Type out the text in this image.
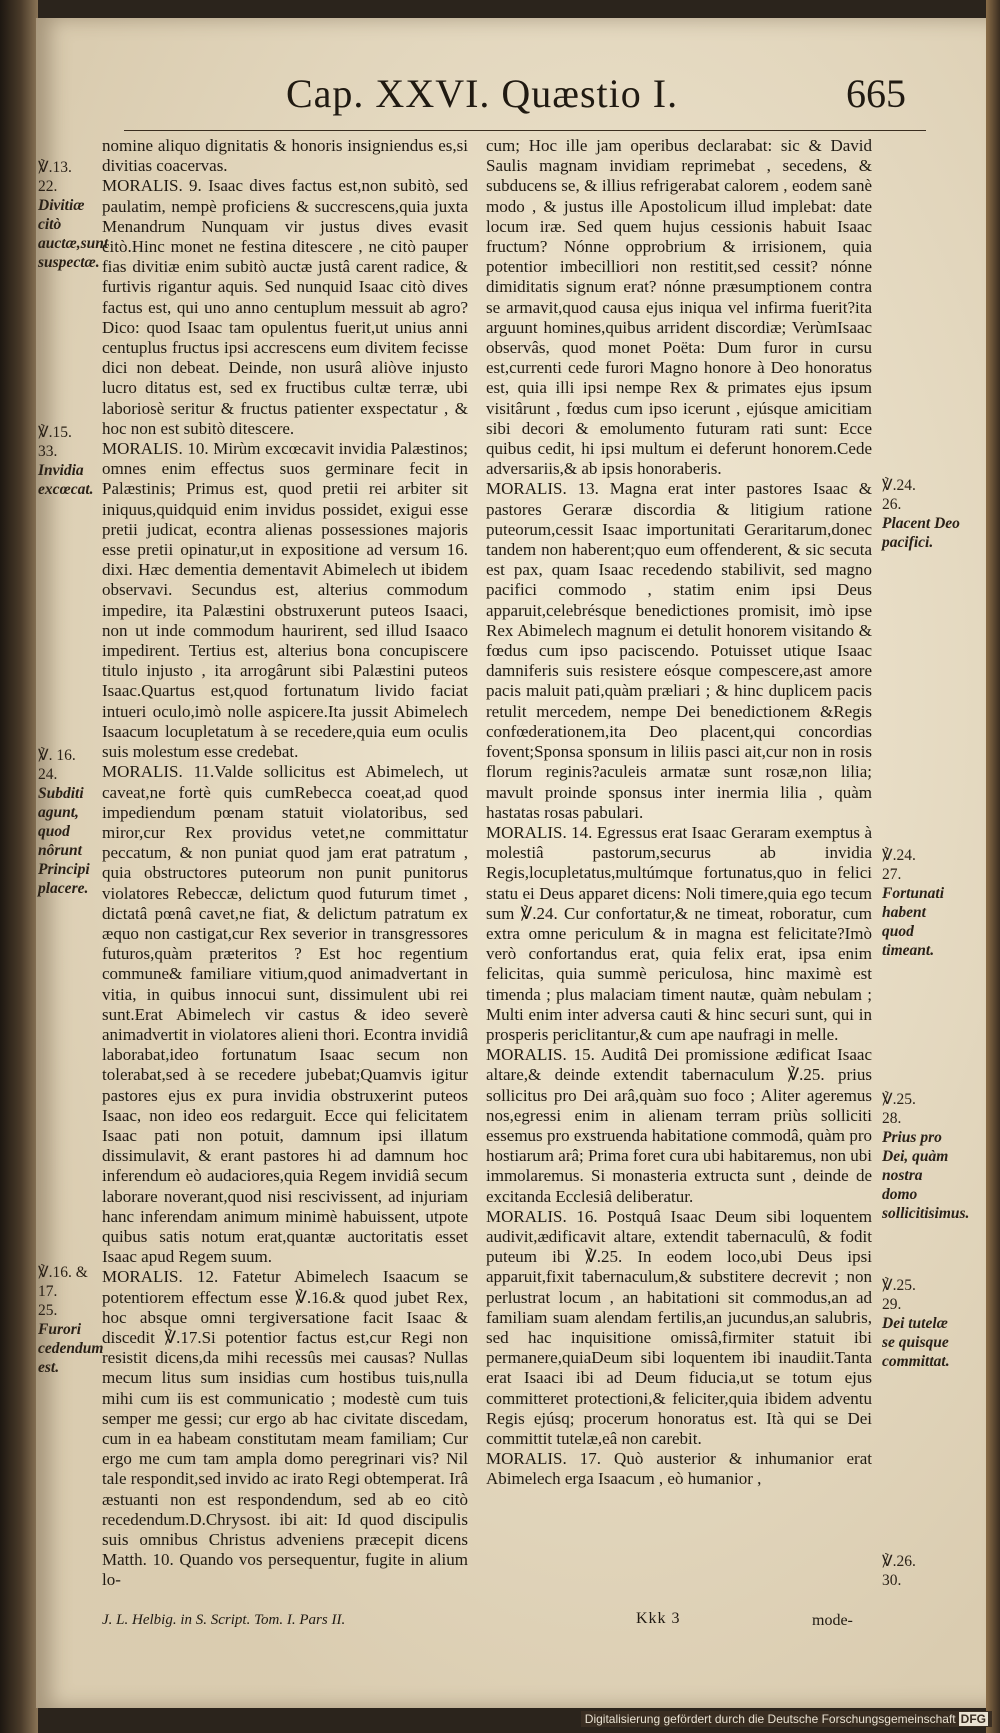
Cap. XXVI. Quæstio I.	665

nomine aliquo dignitatis & honoris insigniendus es,si divitias coacervas.

MORALIS. 9. Isaac dives factus est,non subitò, sed paulatim, nempè proficiens & succrescens,quia juxta Menandrum Nunquam vir justus dives evasit citò.Hinc monet ne festina ditescere , ne citò pauper fias divitiæ enim subitò auctæ justâ carent radice, & furtivis rigantur aquis. Sed nunquid Isaac citò dives factus est, qui uno anno centuplum messuit ab agro? Dico: quod Isaac tam opulentus fuerit,ut unius anni centuplus fructus ipsi accrescens eum divitem fecisse dici non debeat. Deinde, non usurâ aliòve injusto lucro ditatus est, sed ex fructibus cultæ terræ, ubi laboriosè seritur & fructus patienter exspectatur , & hoc non est subitò ditescere.

MORALIS. 10. Mirùm excœcavit invidia Palæstinos; omnes enim effectus suos germinare fecit in Palæstinis; Primus est, quod pretii rei arbiter sit iniquus,quidquid enim invidus possidet, exigui esse pretii judicat, econtra alienas possessiones majoris esse pretii opinatur,ut in expositione ad versum 16. dixi. Hæc dementia dementavit Abimelech ut ibidem observavi. Secundus est, alterius commodum impedire, ita Palæstini obstruxerunt puteos Isaaci, non ut inde commodum haurirent, sed illud Isaaco impedirent. Tertius est, alterius bona concupiscere titulo injusto , ita arrogârunt sibi Palæstini puteos Isaac.Quartus est,quod fortunatum livido faciat intueri oculo,imò nolle aspicere.Ita jussit Abimelech Isaacum locupletatum à se recedere,quia eum oculis suis molestum esse credebat.

MORALIS. 11.Valde sollicitus est Abimelech, ut caveat,ne fortè quis cumRebecca coeat,ad quod impediendum pœnam statuit violatoribus, sed miror,cur Rex providus vetet,ne committatur peccatum, & non puniat quod jam erat patratum , quia obstructores puteorum non punit punitorus violatores Rebeccæ, delictum quod futurum timet , dictatâ pœnâ cavet,ne fiat, & delictum patratum ex æquo non castigat,cur Rex severior in transgressores futuros,quàm præteritos ? Est hoc regentium commune& familiare vitium,quod animadvertant in vitia, in quibus innocui sunt, dissimulent ubi rei sunt.Erat Abimelech vir castus & ideo severè animadvertit in violatores alieni thori. Econtra invidiâ laborabat,ideo fortunatum Isaac secum non tolerabat,sed à se recedere jubebat;Quamvis igitur pastores ejus ex pura invidia obstruxerint puteos Isaac, non ideo eos redarguit. Ecce qui felicitatem Isaac pati non potuit, damnum ipsi illatum dissimulavit, & erant pastores hi ad damnum hoc inferendum eò audaciores,quia Regem invidiâ secum laborare noverant,quod nisi rescivissent, ad injuriam hanc inferendam animum minimè habuissent, utpote quibus satis notum erat,quantæ auctoritatis esset Isaac apud Regem suum.

MORALIS. 12. Fatetur Abimelech Isaacum se potentiorem effectum esse ℣.16.& quod jubet Rex, hoc absque omni tergiversatione facit Isaac & discedit ℣.17.Si potentior factus est,cur Regi non resistit dicens,da mihi recessûs mei causas? Nullas mecum litus sum insidias cum hostibus tuis,nulla mihi cum iis est communicatio ; modestè cum tuis semper me gessi; cur ergo ab hac civitate discedam, cum in ea habeam constitutam meam familiam; Cur ergo me cum tam ampla domo peregrinari vis? Nil tale respondit,sed invido ac irato Regi obtemperat. Irâ æstuanti non est respondendum, sed ab eo citò recedendum.D.Chrysost. ibi ait: Id quod discipulis suis omnibus Christus adveniens præcepit dicens Matth. 10. Quando vos persequentur, fugite in alium lo-

cum; Hoc ille jam operibus declarabat: sic & David Saulis magnam invidiam reprimebat , secedens, & subducens se, & illius refrigerabat calorem , eodem sanè modo , & justus ille Apostolicum illud implebat: date locum iræ. Sed quem hujus cessionis habuit Isaac fructum? Nónne opprobrium & irrisionem, quia potentior imbecilliori non restitit,sed cessit? nónne dimiditatis signum erat? nónne præsumptionem contra se armavit,quod causa ejus iniqua vel infirma fuerit?ita arguunt homines,quibus arrident discordiæ; VerùmIsaac observâs, quod monet Poëta: Dum furor in cursu est,currenti cede furori Magno honore à Deo honoratus est, quia illi ipsi nempe Rex & primates ejus ipsum visitârunt , fœdus cum ipso icerunt , ejúsque amicitiam sibi decori & emolumento futuram rati sunt: Ecce quibus cedit, hi ipsi multum ei deferunt honorem.Cede adversariis,& ab ipsis honoraberis.

MORALIS. 13. Magna erat inter pastores Isaac & pastores Geraræ discordia & litigium ratione puteorum,cessit Isaac importunitati Geraritarum,donec tandem non haberent;quo eum offenderent, & sic secuta est pax, quam Isaac recedendo stabilivit, sed magno pacifici commodo , statim enim ipsi Deus apparuit,celebrésque benedictiones promisit, imò ipse Rex Abimelech magnum ei detulit honorem visitando & fœdus cum ipso paciscendo. Potuisset utique Isaac damniferis suis resistere eósque compescere,ast amore pacis maluit pati,quàm præliari ; & hinc duplicem pacis retulit mercedem, nempe Dei benedictionem &Regis confœderationem,ita Deo placent,qui concordias fovent;Sponsa sponsum in liliis pasci ait,cur non in rosis florum reginis?aculeis armatæ sunt rosæ,non lilia; mavult proinde sponsus inter inermia lilia , quàm hastatas rosas pabulari.

MORALIS. 14. Egressus erat Isaac Geraram exemptus à molestiâ pastorum,securus ab invidia Regis,locupletatus,multúmque fortunatus,quo in felici statu ei Deus apparet dicens: Noli timere,quia ego tecum sum ℣.24. Cur confortatur,& ne timeat, roboratur, cum extra omne periculum & in magna est felicitate?Imò verò confortandus erat, quia felix erat, ipsa enim felicitas, quia summè periculosa, hinc maximè est timenda ; plus malaciam timent nautæ, quàm nebulam ; Multi enim inter adversa cauti & hinc securi sunt, qui in prosperis periclitantur,& cum ape naufragi in melle.

MORALIS. 15. Auditâ Dei promissione ædificat Isaac altare,& deinde extendit tabernaculum ℣.25. prius sollicitus pro Dei arâ,quàm suo foco ; Aliter ageremus nos,egressi enim in alienam terram priùs solliciti essemus pro exstruenda habitatione commodâ, quàm pro hostiarum arâ; Prima foret cura ubi habitaremus, non ubi immolaremus. Si monasteria extructa sunt , deinde de excitanda Ecclesiâ deliberatur.

MORALIS. 16. Postquâ Isaac Deum sibi loquentem audivit,ædificavit altare, extendit tabernaculû, & fodit puteum ibi ℣.25. In eodem loco,ubi Deus ipsi apparuit,fixit tabernaculum,& substitere decrevit ; non perlustrat locum , an habitationi sit commodus,an ad familiam suam alendam fertilis,an jucundus,an salubris, sed hac inquisitione omissâ,firmiter statuit ibi permanere,quiaDeum sibi loquentem ibi inaudiit.Tanta erat Isaaci ibi ad Deum fiducia,ut se totum ejus committeret protectioni,& feliciter,quia ibidem adventu Regis ejúsq; procerum honoratus est. Ità qui se Dei committit tutelæ,eâ non carebit.

MORALIS. 17. Quò austerior & inhumanior erat Abimelech erga Isaacum , eò humanior ,

℣.13.
22.
Divitiæ citò auctæ,sunt suspectæ.
℣.15.
33.
Invidia excœcat.
℣. 16.
24.
Subditi agunt, quod nôrunt Principi placere.
℣.16. & 17.
25.
Furori cedendum est.
℣.24.
26.
Placent Deo pacifici.
℣.24.
27.
Fortunati habent quod timeant.
℣.25.
28.
Prius pro Dei, quàm nostra domo sollicitisimus.
℣.25.
29.
Dei tutelæ se quisque committat.
℣.26.
30.
J. L. Helbig. in S. Script. Tom. I. Pars II.	Kkk 3	mode-
Digitalisierung gefördert durch die Deutsche Forschungsgemeinschaft DFG
